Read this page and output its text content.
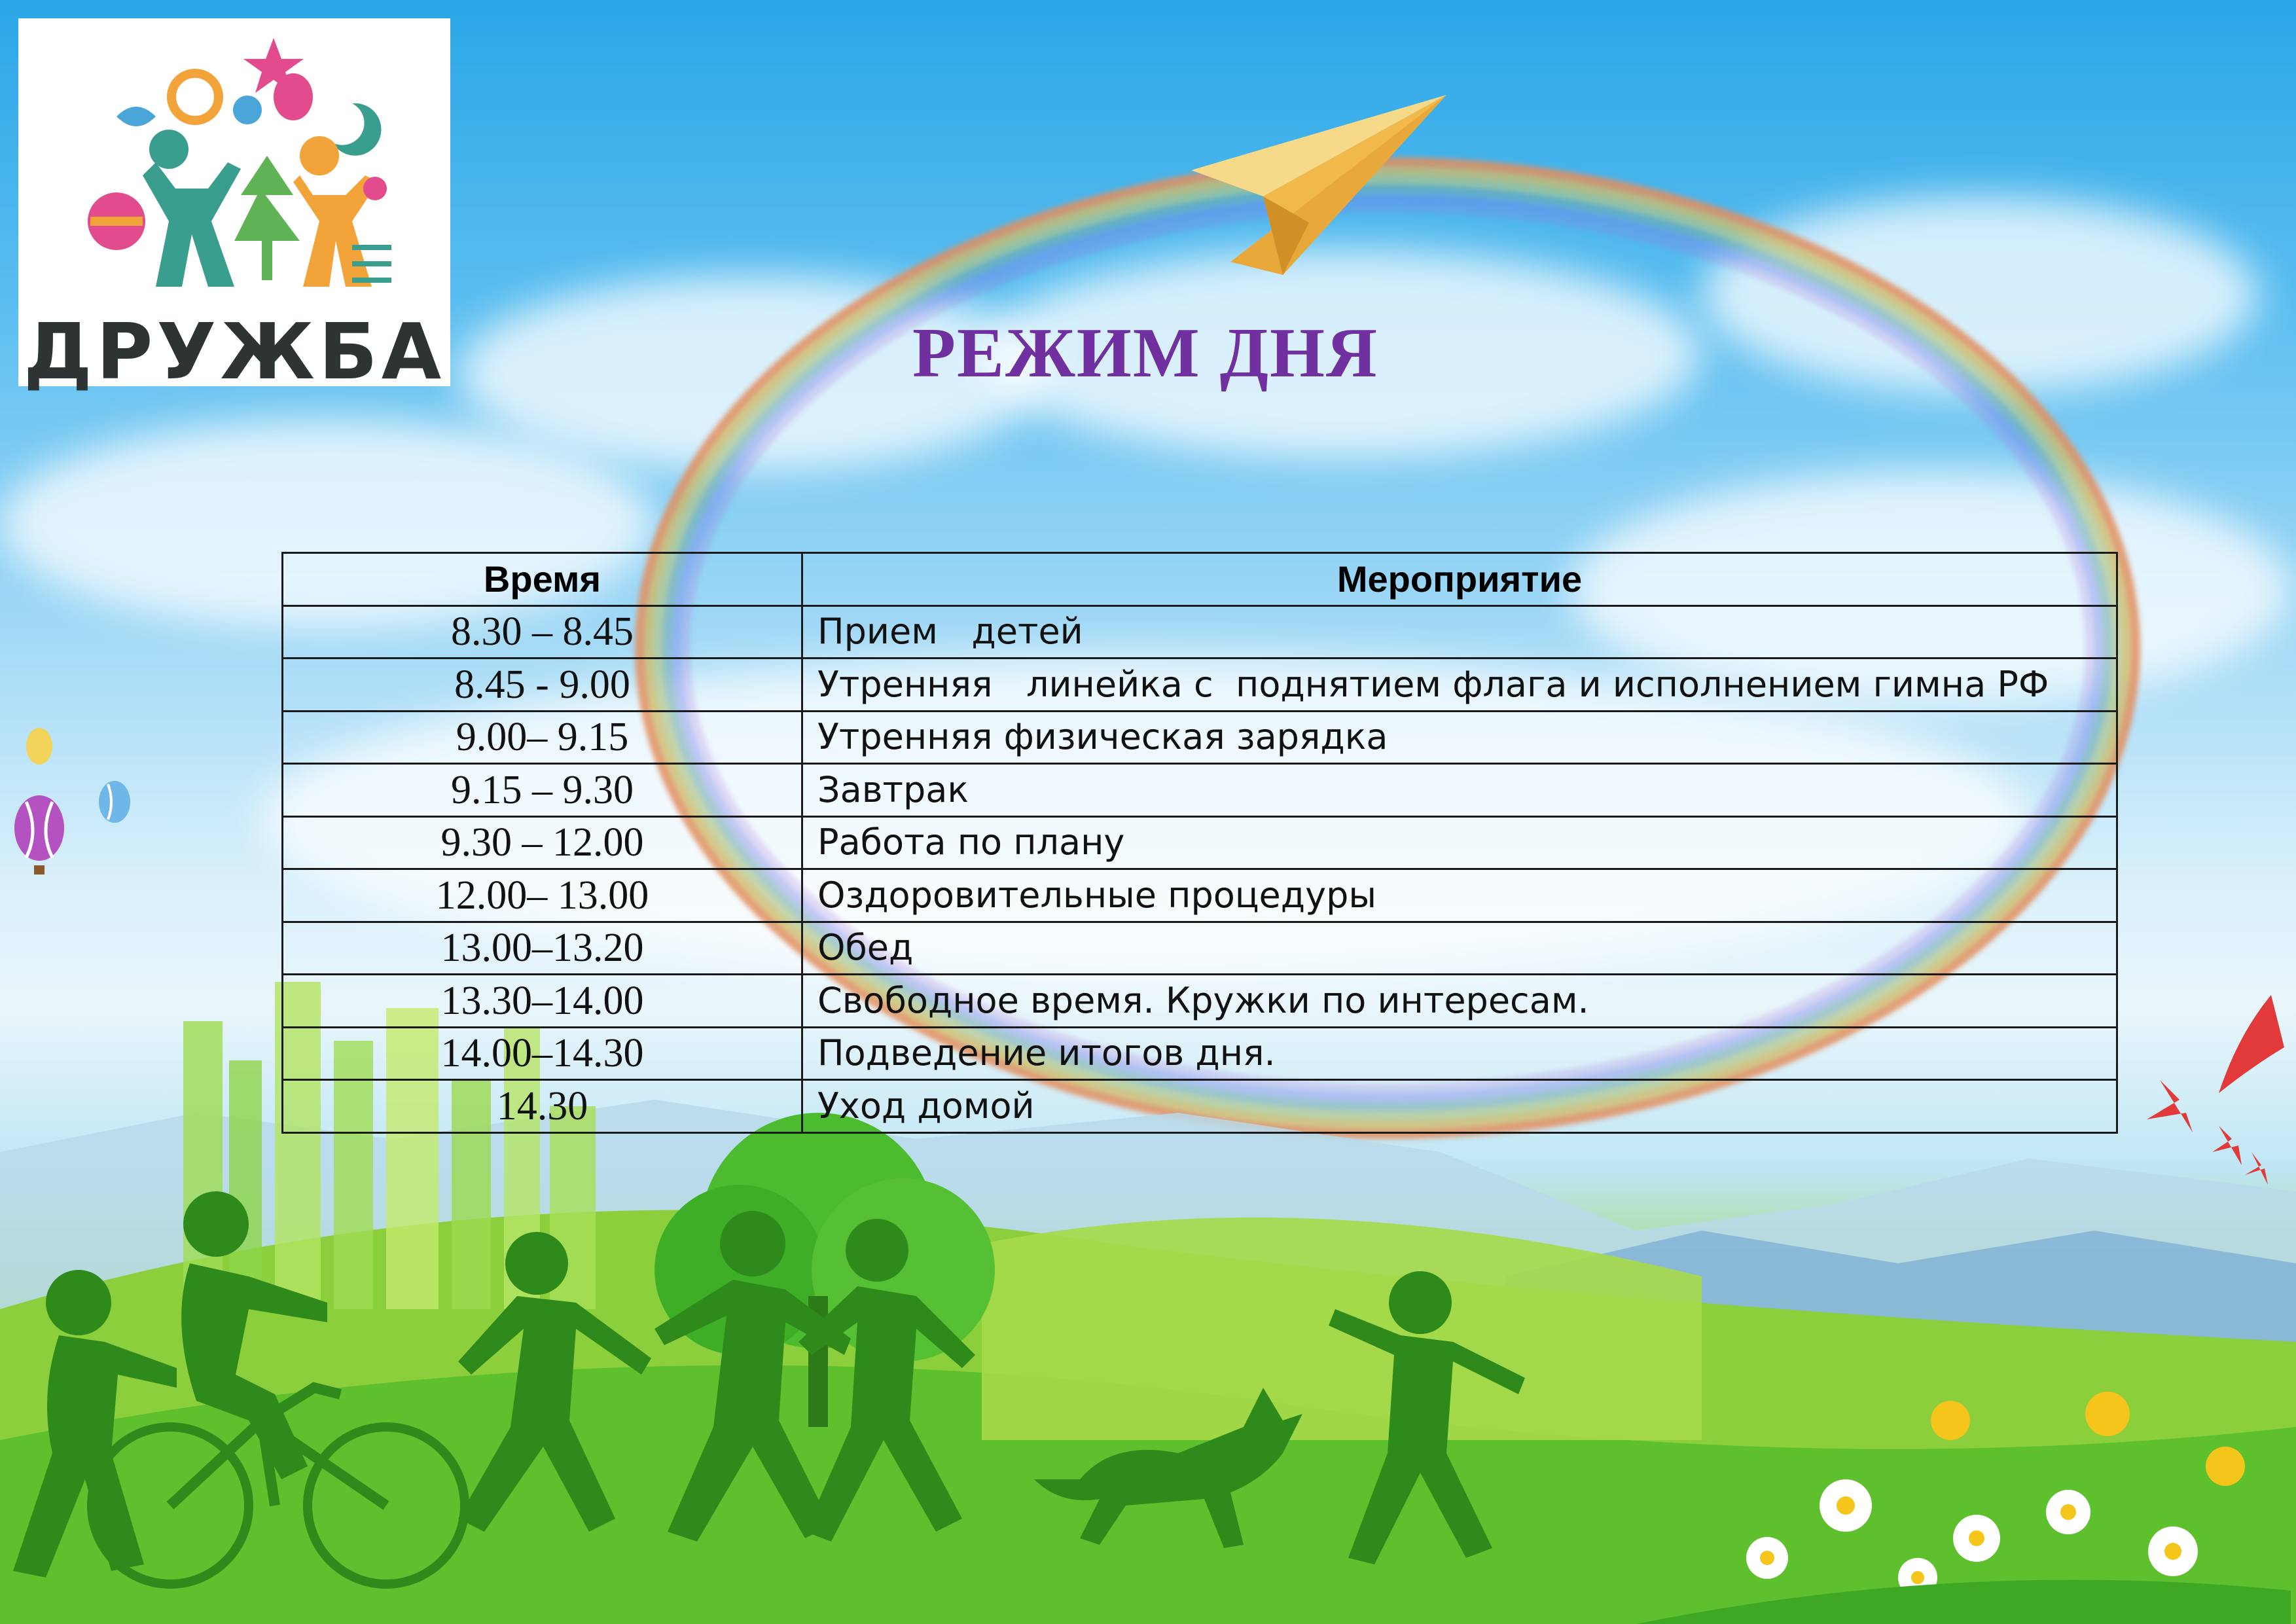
ДРУЖБА	РЕЖИМ ДНЯ
Время	Мероприятие
8.30 – 8.45	Прием   детей
8.45 - 9.00	Утренняя   линейка с  поднятием флага и исполнением гимна РФ
9.00– 9.15	Утренняя физическая зарядка
9.15 – 9.30	Завтрак
9.30 – 12.00	Работа по плану
12.00– 13.00	Оздоровительные процедуры
13.00–13.20	Обед
13.30–14.00	Свободное время. Кружки по интересам.
14.00–14.30	Подведение итогов дня.
14.30	Уход домой
